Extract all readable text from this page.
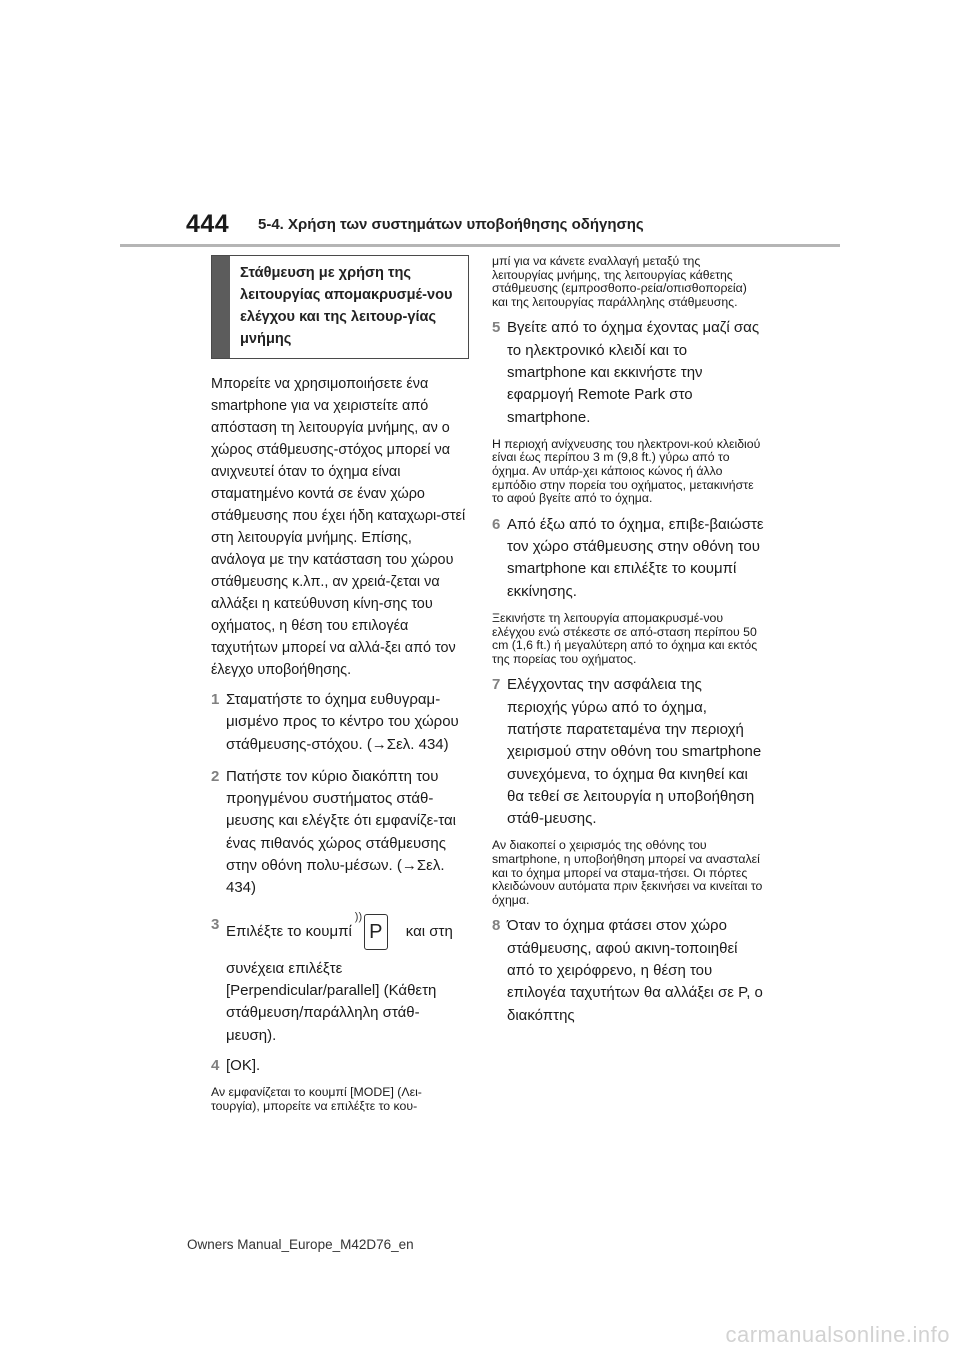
444 5-4. Χρήση των συστημάτων υποβοήθησης οδήγησης
Στάθμευση με χρήση της λειτουργίας απομακρυσμέ-νου ελέγχου και της λειτουρ-γίας μνήμης

Μπορείτε να χρησιμοποιήσετε ένα smartphone για να χειριστείτε από απόσταση τη λειτουργία μνήμης, αν ο χώρος στάθμευσης-στόχος μπορεί να ανιχνευτεί όταν το όχημα είναι σταματημένο κοντά σε έναν χώρο στάθμευσης που έχει ήδη καταχωρι-στεί στη λειτουργία μνήμης. Επίσης, ανάλογα με την κατάσταση του χώρου στάθμευσης κ.λπ., αν χρειά-ζεται να αλλάξει η κατεύθυνση κίνη-σης του οχήματος, η θέση του επιλογέα ταχυτήτων μπορεί να αλλά-ξει από τον έλεγχο υποβοήθησης.

1 Σταματήστε το όχημα ευθυγραμ-μισμένο προς το κέντρο του χώρου στάθμευσης-στόχου. (→Σελ. 434)
2 Πατήστε τον κύριο διακόπτη του προηγμένου συστήματος στάθ-μευσης και ελέγξτε ότι εμφανίζε-ται ένας πιθανός χώρος στάθμευσης στην οθόνη πολυ-μέσων. (→Σελ. 434)
3 Επιλέξτε το κουμπί
))
P και στη
συνέχεια επιλέξτε [Perpendicular/parallel] (Κάθετη στάθμευση/παράλληλη στάθ-μευση).
4 [OK].

Αν εμφανίζεται το κουμπί [MODE] (Λει-τουργία), μπορείτε να επιλέξτε το κου-

μπί για να κάνετε εναλλαγή μεταξύ της λειτουργίας μνήμης, της λειτουργίας κάθετης στάθμευσης (εμπροσθοπο-ρεία/οπισθοπορεία) και της λειτουργίας παράλληλης στάθμευσης.

5 Βγείτε από το όχημα έχοντας μαζί σας το ηλεκτρονικό κλειδί και το smartphone και εκκινήστε την εφαρμογή Remote Park στο smartphone.

Η περιοχή ανίχνευσης του ηλεκτρονι-κού κλειδιού είναι έως περίπου 3 m (9,8 ft.) γύρω από το όχημα. Αν υπάρ-χει κάποιος κώνος ή άλλο εμπόδιο στην πορεία του οχήματος, μετακινήστε το αφού βγείτε από το όχημα.

6 Από έξω από το όχημα, επιβε-βαιώστε τον χώρο στάθμευσης στην οθόνη του smartphone και επιλέξτε το κουμπί εκκίνησης.

Ξεκινήστε τη λειτουργία απομακρυσμέ-νου ελέγχου ενώ στέκεστε σε από-σταση περίπου 50 cm (1,6 ft.) ή μεγαλύτερη από το όχημα και εκτός της πορείας του οχήματος.

7 Ελέγχοντας την ασφάλεια της περιοχής γύρω από το όχημα, πατήστε παρατεταμένα την περιοχή χειρισμού στην οθόνη του smartphone συνεχόμενα, το όχημα θα κινηθεί και θα τεθεί σε λειτουργία η υποβοήθηση στάθ-μευσης.

Αν διακοπεί ο χειρισμός της οθόνης του smartphone, η υποβοήθηση μπορεί να ανασταλεί και το όχημα μπορεί να σταμα-τήσει. Οι πόρτες κλειδώνουν αυτόματα πριν ξεκινήσει να κινείται το όχημα.

8 Όταν το όχημα φτάσει στον χώρο στάθμευσης, αφού ακινη-τοποιηθεί από το χειρόφρενο, η θέση του επιλογέα ταχυτήτων θα αλλάξει σε P, ο διακόπτης
Owners Manual_Europe_M42D76_en
carmanualsonline.info
